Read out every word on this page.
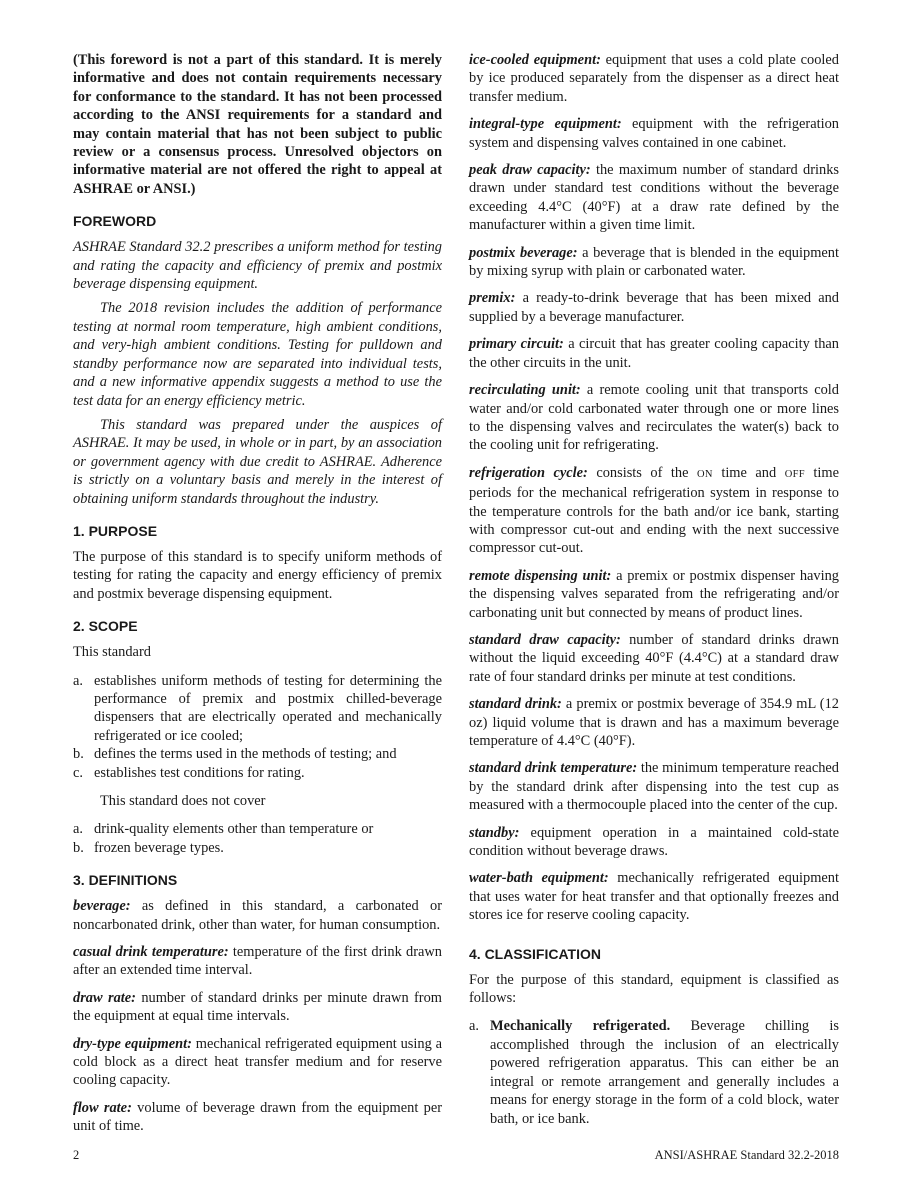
(This foreword is not a part of this standard. It is merely informative and does not contain requirements necessary for conformance to the standard. It has not been processed according to the ANSI requirements for a standard and may contain material that has not been subject to public review or a consensus process. Unresolved objectors on informative material are not offered the right to appeal at ASHRAE or ANSI.)

FOREWORD

ASHRAE Standard 32.2 prescribes a uniform method for testing and rating the capacity and efficiency of premix and postmix beverage dispensing equipment.

The 2018 revision includes the addition of performance testing at normal room temperature, high ambient conditions, and very-high ambient conditions. Testing for pulldown and standby performance now are separated into individual tests, and a new informative appendix suggests a method to use the test data for an energy efficiency metric.

This standard was prepared under the auspices of ASHRAE. It may be used, in whole or in part, by an association or government agency with due credit to ASHRAE. Adherence is strictly on a voluntary basis and merely in the interest of obtaining uniform standards throughout the industry.

1. PURPOSE

The purpose of this standard is to specify uniform methods of testing for rating the capacity and energy efficiency of premix and postmix beverage dispensing equipment.

2. SCOPE

This standard

a. establishes uniform methods of testing for determining the performance of premix and postmix chilled-beverage dispensers that are electrically operated and mechanically refrigerated or ice cooled;
b. defines the terms used in the methods of testing; and
c. establishes test conditions for rating.

This standard does not cover

a. drink-quality elements other than temperature or
b. frozen beverage types.
3. DEFINITIONS

beverage: as defined in this standard, a carbonated or noncarbonated drink, other than water, for human consumption.

casual drink temperature: temperature of the first drink drawn after an extended time interval.

draw rate: number of standard drinks per minute drawn from the equipment at equal time intervals.

dry-type equipment: mechanical refrigerated equipment using a cold block as a direct heat transfer medium and for reserve cooling capacity.

flow rate: volume of beverage drawn from the equipment per unit of time.

ice-cooled equipment: equipment that uses a cold plate cooled by ice produced separately from the dispenser as a direct heat transfer medium.

integral-type equipment: equipment with the refrigeration system and dispensing valves contained in one cabinet.

peak draw capacity: the maximum number of standard drinks drawn under standard test conditions without the beverage exceeding 4.4°C (40°F) at a draw rate defined by the manufacturer within a given time limit.

postmix beverage: a beverage that is blended in the equipment by mixing syrup with plain or carbonated water.

premix: a ready-to-drink beverage that has been mixed and supplied by a beverage manufacturer.

primary circuit: a circuit that has greater cooling capacity than the other circuits in the unit.

recirculating unit: a remote cooling unit that transports cold water and/or cold carbonated water through one or more lines to the dispensing valves and recirculates the water(s) back to the cooling unit for refrigerating.

refrigeration cycle: consists of the ON time and OFF time periods for the mechanical refrigeration system in response to the temperature controls for the bath and/or ice bank, starting with compressor cut-out and ending with the next successive compressor cut-out.

remote dispensing unit: a premix or postmix dispenser having the dispensing valves separated from the refrigerating and/or carbonating unit but connected by means of product lines.

standard draw capacity: number of standard drinks drawn without the liquid exceeding 40°F (4.4°C) at a standard draw rate of four standard drinks per minute at test conditions.

standard drink: a premix or postmix beverage of 354.9 mL (12 oz) liquid volume that is drawn and has a maximum beverage temperature of 4.4°C (40°F).

standard drink temperature: the minimum temperature reached by the standard drink after dispensing into the test cup as measured with a thermocouple placed into the center of the cup.

standby: equipment operation in a maintained cold-state condition without beverage draws.

water-bath equipment: mechanically refrigerated equipment that uses water for heat transfer and that optionally freezes and stores ice for reserve cooling capacity.

4. CLASSIFICATION

For the purpose of this standard, equipment is classified as follows:

a. Mechanically refrigerated. Beverage chilling is accomplished through the inclusion of an electrically powered refrigeration apparatus. This can either be an integral or remote arrangement and generally includes a means for energy storage in the form of a cold block, water bath, or ice bank.
2	ANSI/ASHRAE Standard 32.2-2018
